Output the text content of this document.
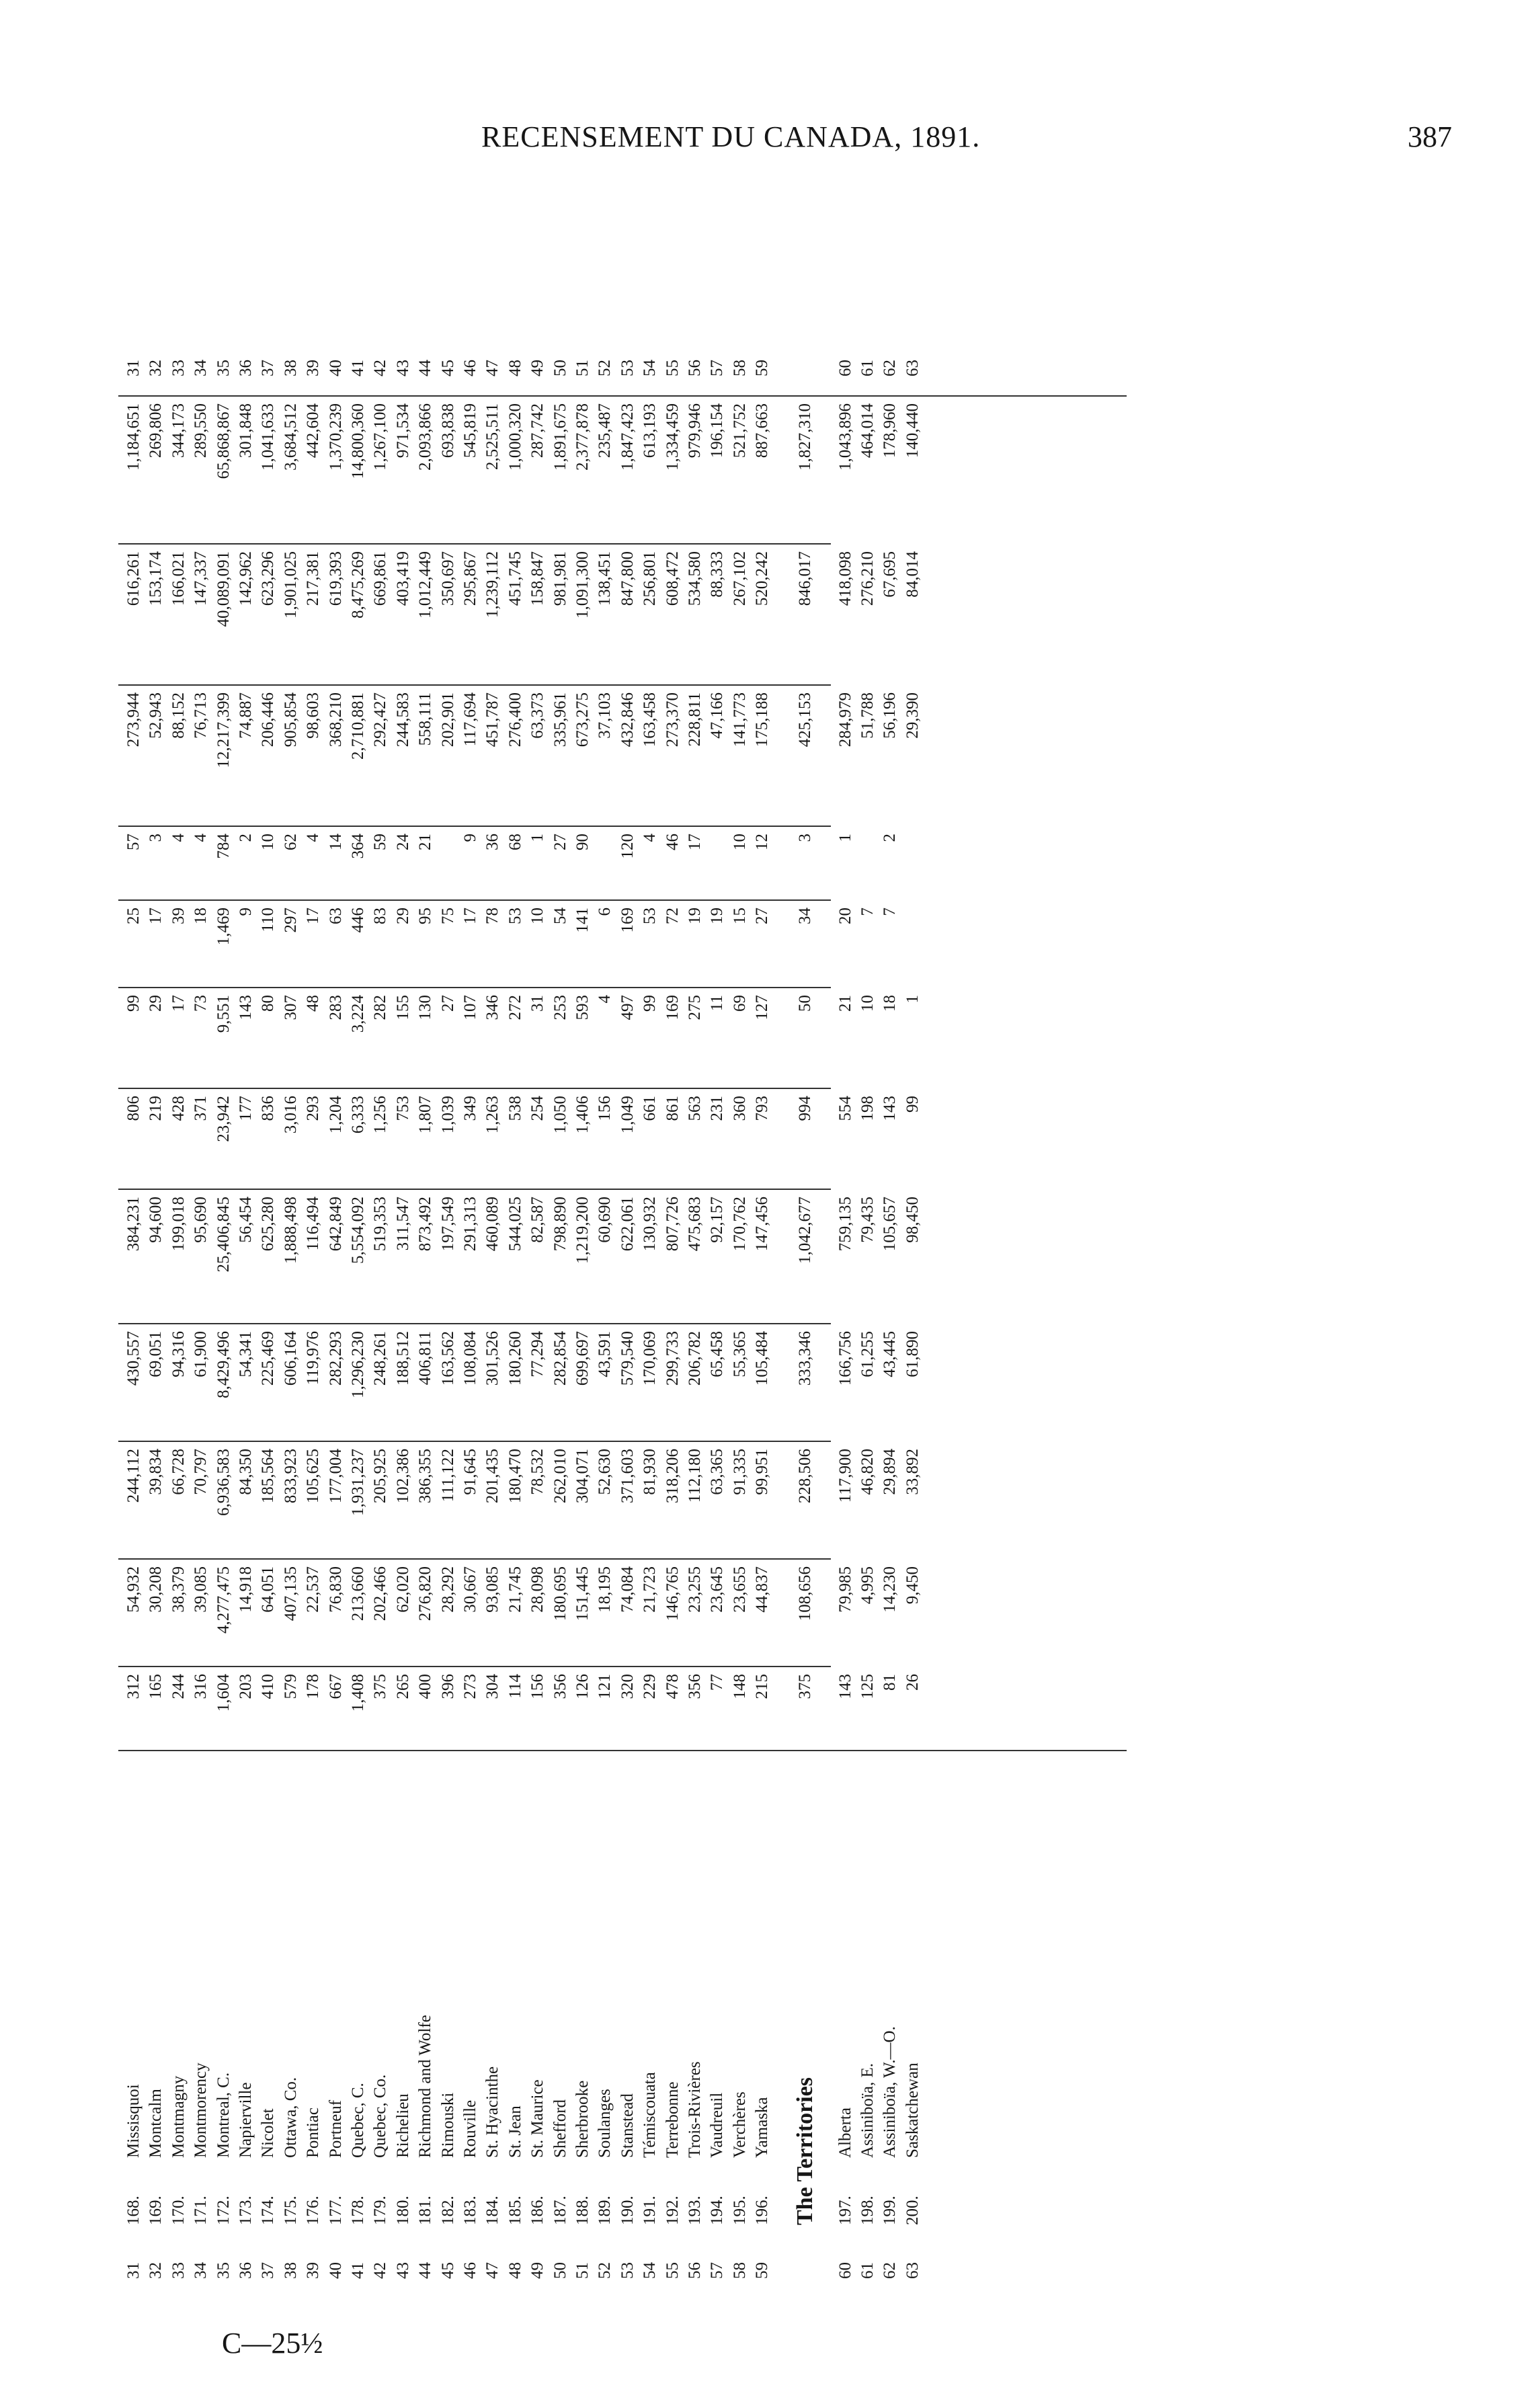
RECENSEMENT DU CANADA, 1891.	387
31
168.
Missisquoi
312
54,932
244,112
430,557
384,231
806
99
25
57
273,944
616,261
1,184,651
31
32
169.
Montcalm
165
30,208
39,834
69,051
94,600
219
29
17
3
52,943
153,174
269,806
32
33
170.
Montmagny
244
38,379
66,728
94,316
199,018
428
17
39
4
88,152
166,021
344,173
33
34
171.
Montmorency
316
39,085
70,797
61,900
95,690
371
73
18
4
76,713
147,337
289,550
34
35
172.
Montreal, C.
1,604
4,277,475
6,936,583
8,429,496
25,406,845
23,942
9,551
1,469
784
12,217,399
40,089,091
65,868,867
35
36
173.
Napierville
203
14,918
84,350
54,341
56,454
177
143
9
2
74,887
142,962
301,848
36
37
174.
Nicolet
410
64,051
185,564
225,469
625,280
836
80
110
10
206,446
623,296
1,041,633
37
38
175.
Ottawa, Co.
579
407,135
833,923
606,164
1,888,498
3,016
307
297
62
905,854
1,901,025
3,684,512
38
39
176.
Pontiac
178
22,537
105,625
119,976
116,494
293
48
17
4
98,603
217,381
442,604
39
40
177.
Portneuf
667
76,830
177,004
282,293
642,849
1,204
283
63
14
368,210
619,393
1,370,239
40
41
178.
Quebec, C.
1,408
213,660
1,931,237
1,296,230
5,554,092
6,333
3,224
446
364
2,710,881
8,475,269
14,800,360
41
42
179.
Quebec, Co.
375
202,466
205,925
248,261
519,353
1,256
282
83
59
292,427
669,861
1,267,100
42
43
180.
Richelieu
265
62,020
102,386
188,512
311,547
753
155
29
24
244,583
403,419
971,534
43
44
181.
Richmond and Wolfe
400
276,820
386,355
406,811
873,492
1,807
130
95
21
558,111
1,012,449
2,093,866
44
45
182.
Rimouski
396
28,292
111,122
163,562
197,549
1,039
27
75
202,901
350,697
693,838
45
46
183.
Rouville
273
30,667
91,645
108,084
291,313
349
107
17
9
117,694
295,867
545,819
46
47
184.
St. Hyacinthe
304
93,085
201,435
301,526
460,089
1,263
346
78
36
451,787
1,239,112
2,525,511
47
48
185.
St. Jean
114
21,745
180,470
180,260
544,025
538
272
53
68
276,400
451,745
1,000,320
48
49
186.
St. Maurice
156
28,098
78,532
77,294
82,587
254
31
10
1
63,373
158,847
287,742
49
50
187.
Shefford
356
180,695
262,010
282,854
798,890
1,050
253
54
27
335,961
981,981
1,891,675
50
51
188.
Sherbrooke
126
151,445
304,071
699,697
1,219,200
1,406
593
141
90
673,275
1,091,300
2,377,878
51
52
189.
Soulanges
121
18,195
52,630
43,591
60,690
156
4
6
37,103
138,451
235,487
52
53
190.
Stanstead
320
74,084
371,603
579,540
622,061
1,049
497
169
120
432,846
847,800
1,847,423
53
54
191.
Témiscouata
229
21,723
81,930
170,069
130,932
661
99
53
4
163,458
256,801
613,193
54
55
192.
Terrebonne
478
146,765
318,206
299,733
807,726
861
169
72
46
273,370
608,472
1,334,459
55
56
193.
Trois-Rivières
356
23,255
112,180
206,782
475,683
563
275
19
17
228,811
534,580
979,946
56
57
194.
Vaudreuil
77
23,645
63,365
65,458
92,157
231
11
19
47,166
88,333
196,154
57
58
195.
Verchères
148
23,655
91,335
55,365
170,762
360
69
15
10
141,773
267,102
521,752
58
59
196.
Yamaska
215
44,837
99,951
105,484
147,456
793
127
27
12
175,188
520,242
887,663
59
The Territories
375
108,656
228,506
333,346
1,042,677
994
50
34
3
425,153
846,017
1,827,310
60
197.
Alberta
143
79,985
117,900
166,756
759,135
554
21
20
1
284,979
418,098
1,043,896
60
61
198.
Assiniboïa, E.
125
4,995
46,820
61,255
79,435
198
10
7
51,788
276,210
464,014
61
62
199.
Assiniboïa, W.—O.
81
14,230
29,894
43,445
105,657
143
18
7
2
56,196
67,695
178,960
62
63
200.
Saskatchewan
26
9,450
33,892
61,890
98,450
99
1
29,390
84,014
140,440
63
C—25½
